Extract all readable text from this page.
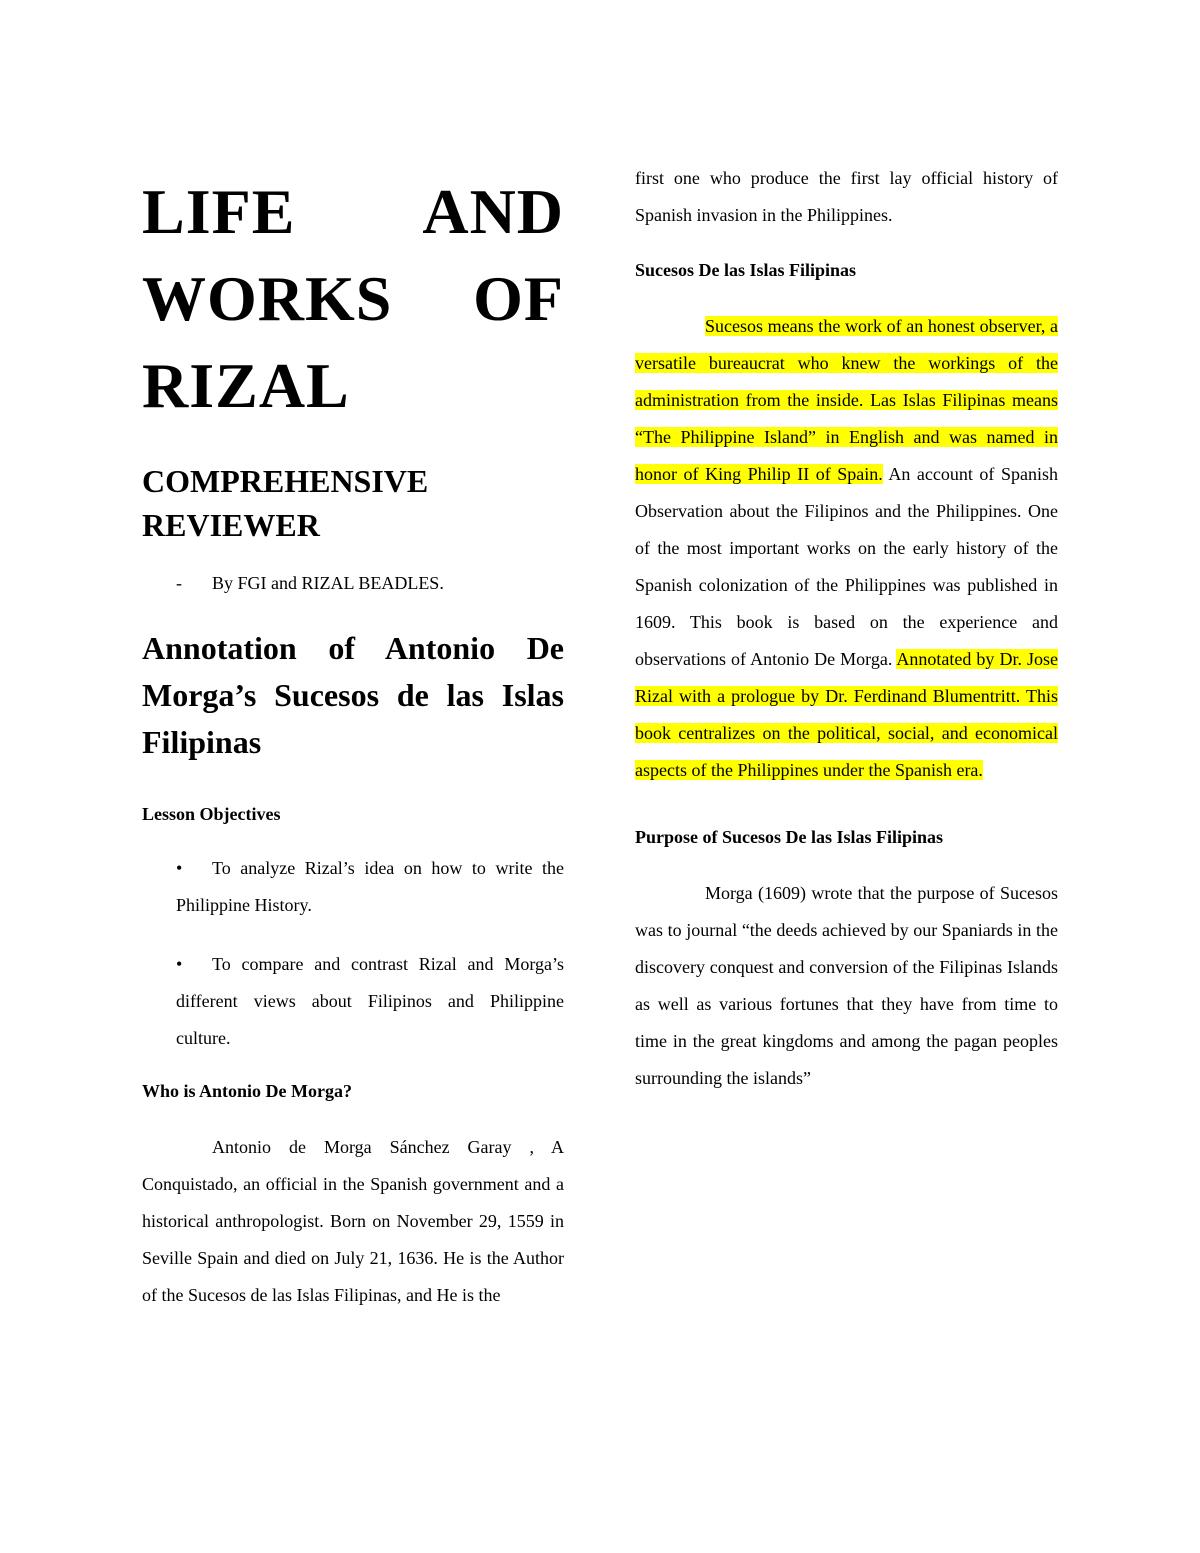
LIFE AND
WORKS OF
RIZAL
COMPREHENSIVE
REVIEWER
-	By FGI and RIZAL BEADLES.
Annotation of Antonio De Morga’s Sucesos de las Islas Filipinas
Lesson Objectives
• To analyze Rizal’s idea on how to write the Philippine History.
• To compare and contrast Rizal and Morga’s different views about Filipinos and Philippine culture.
Who is Antonio De Morga?

Antonio de Morga Sánchez Garay , A Conquistado, an official in the Spanish government and a historical anthropologist. Born on November 29, 1559 in Seville Spain and died on July 21, 1636. He is the Author of the Sucesos de las Islas Filipinas, and He is the

first one who produce the first lay official history of Spanish invasion in the Philippines.

Sucesos De las Islas Filipinas

Sucesos means the work of an honest observer, a versatile bureaucrat who knew the workings of the administration from the inside. Las Islas Filipinas means “The Philippine Island” in English and was named in honor of King Philip II of Spain. An account of Spanish Observation about the Filipinos and the Philippines. One of the most important works on the early history of the Spanish colonization of the Philippines was published in 1609. This book is based on the experience and observations of Antonio De Morga. Annotated by Dr. Jose Rizal with a prologue by Dr. Ferdinand Blumentritt. This book centralizes on the political, social, and economical aspects of the Philippines under the Spanish era.

Purpose of Sucesos De las Islas Filipinas

Morga (1609) wrote that the purpose of Sucesos was to journal “the deeds achieved by our Spaniards in the discovery conquest and conversion of the Filipinas Islands as well as various fortunes that they have from time to time in the great kingdoms and among the pagan peoples surrounding the islands”
